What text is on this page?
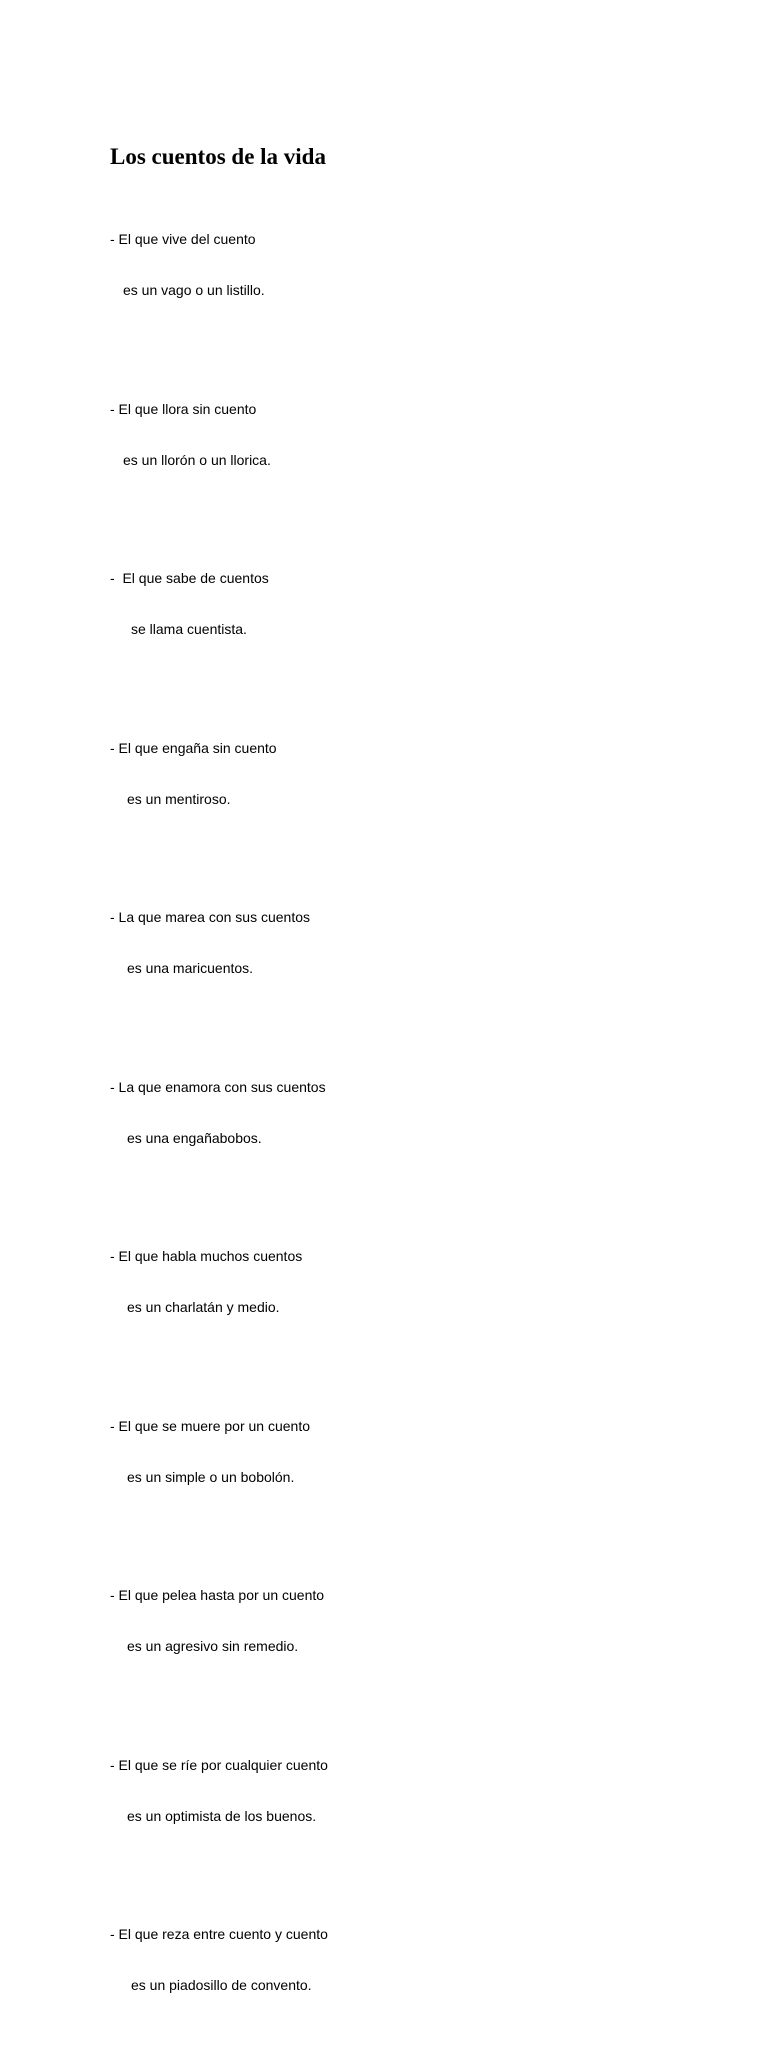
Los cuentos de la vida

- El que vive del cuento

es un vago o un listillo.

- El que llora sin cuento

es un llorón o un llorica.

-  El que sabe de cuentos

se llama cuentista.

- El que engaña sin cuento

es un mentiroso.

- La que marea con sus cuentos

es una maricuentos.

- La que enamora con sus cuentos

es una engañabobos.

- El que habla muchos cuentos

es un charlatán y medio.

- El que se muere por un cuento

es un simple o un bobolón.

- El que pelea hasta por un cuento

es un agresivo sin remedio.

- El que se ríe por cualquier cuento

es un optimista de los buenos.

- El que reza entre cuento y cuento

es un piadosillo de convento.
